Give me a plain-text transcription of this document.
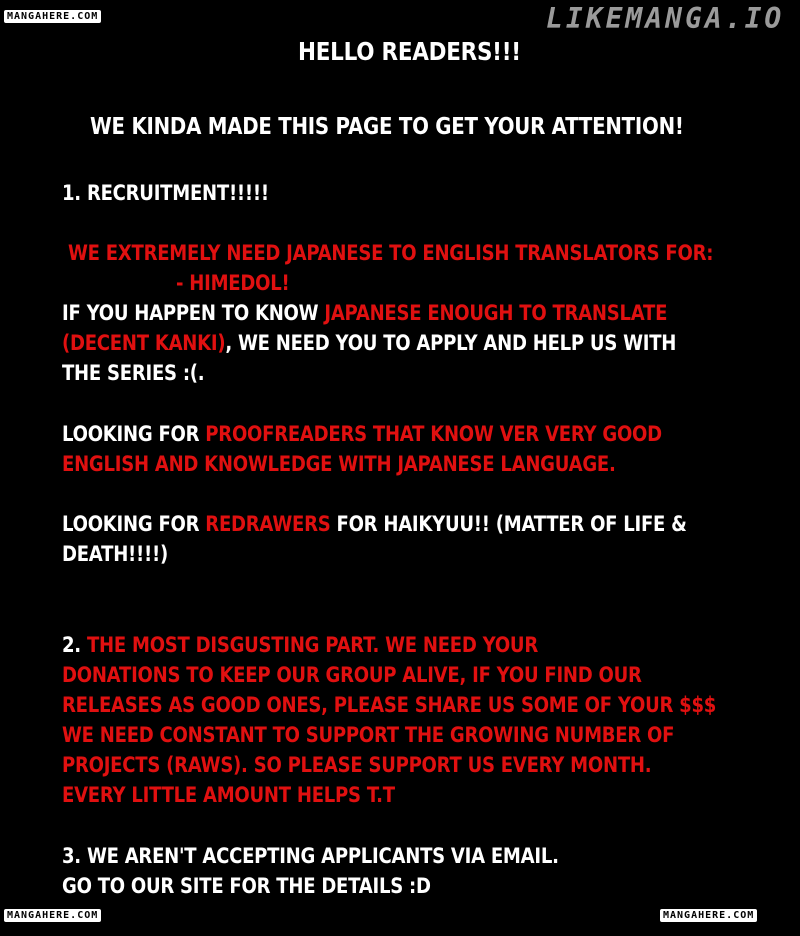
MANGAHERE.COM
MANGAHERE.COM	MANGAHERE.COM
LIKEMANGA.IO
HELLO READERS!!!
WE KINDA MADE THIS PAGE TO GET YOUR ATTENTION!
1. RECRUITMENT!!!!!
WE EXTREMELY NEED JAPANESE TO ENGLISH TRANSLATORS FOR:
- HIMEDOL!
IF YOU HAPPEN TO KNOW JAPANESE ENOUGH TO TRANSLATE
(DECENT KANKI), WE NEED YOU TO APPLY AND HELP US WITH
THE SERIES :(.
LOOKING FOR PROOFREADERS THAT KNOW VER VERY GOOD
ENGLISH AND KNOWLEDGE WITH JAPANESE LANGUAGE.
LOOKING FOR REDRAWERS FOR HAIKYUU!! (MATTER OF LIFE &
DEATH!!!!)
2. THE MOST DISGUSTING PART. WE NEED YOUR
DONATIONS TO KEEP OUR GROUP ALIVE, IF YOU FIND OUR
RELEASES AS GOOD ONES, PLEASE SHARE US SOME OF YOUR $$$
WE NEED CONSTANT TO SUPPORT THE GROWING NUMBER OF
PROJECTS (RAWS). SO PLEASE SUPPORT US EVERY MONTH.
EVERY LITTLE AMOUNT HELPS T.T
3. WE AREN'T ACCEPTING APPLICANTS VIA EMAIL.
GO TO OUR SITE FOR THE DETAILS :D
